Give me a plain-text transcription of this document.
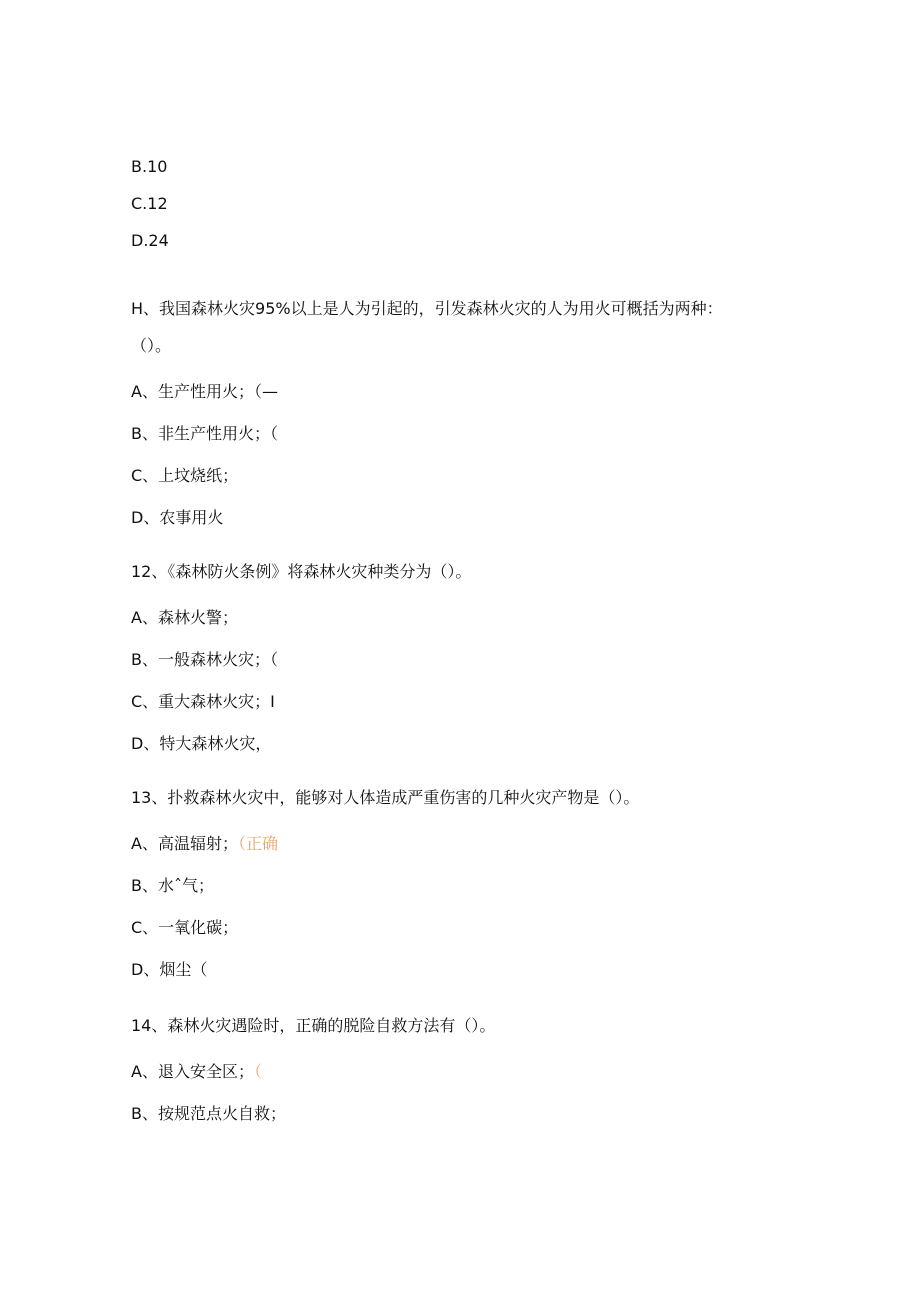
B.10
C.12
D.24
H、我国森林火灾95%以上是人为引起的，引发森林火灾的人为用火可概括为两种：
（）。
A、生产性用火；（—
B、非生产性用火；（
C、上坟烧纸；
D、农事用火
12、《森林防火条例》将森林火灾种类分为（）。
A、森林火警；
B、一般森林火灾；（
C、重大森林火灾；I
D、特大森林火灾，
13、扑救森林火灾中，能够对人体造成严重伤害的几种火灾产物是（）。
A、高温辐射；（正确
B、水ˆ气；
C、一氧化碳；
D、烟尘（
14、森林火灾遇险时，正确的脱险自救方法有（）。
A、退入安全区；（
B、按规范点火自救；
